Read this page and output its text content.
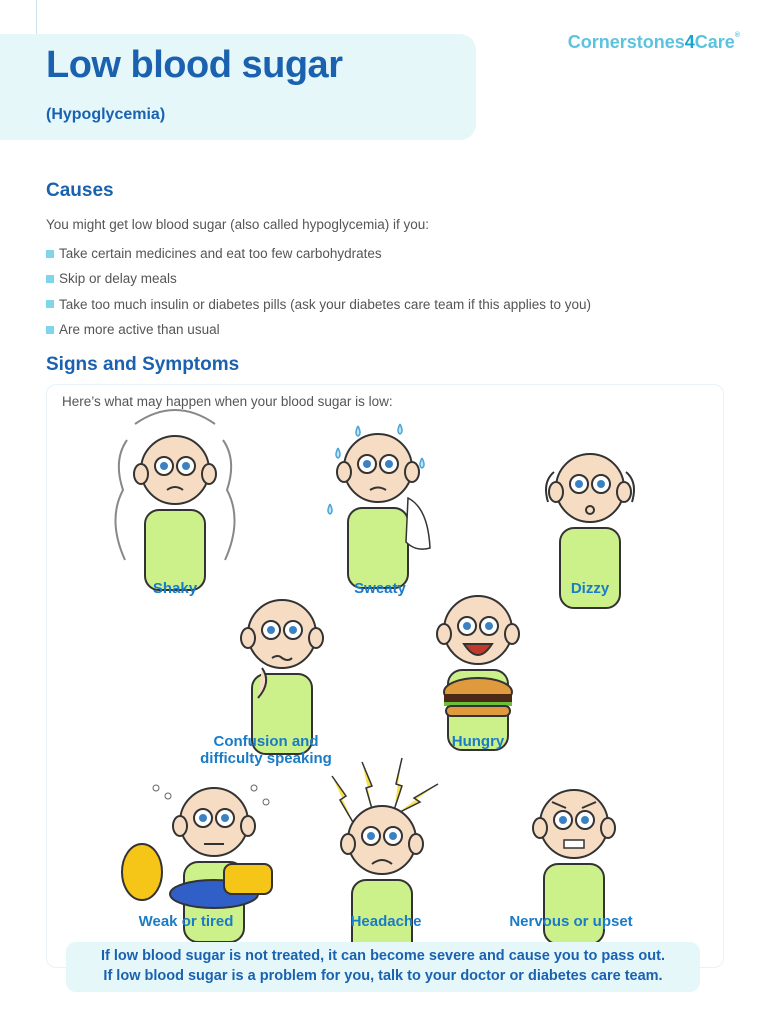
Low blood sugar
(Hypoglycemia)
Cornerstones4Care®
Causes
You might get low blood sugar (also called hypoglycemia) if you:
Take certain medicines and eat too few carbohydrates
Skip or delay meals
Take too much insulin or diabetes pills (ask your diabetes care team if this applies to you)
Are more active than usual
Signs and Symptoms
Here’s what may happen when your blood sugar is low:
Shaky	Sweaty	Dizzy
Confusion and
difficulty speaking
Hungry
Weak or tired	Headache	Nervous or upset
If low blood sugar is not treated, it can become severe and cause you to pass out.
If low blood sugar is a problem for you, talk to your doctor or diabetes care team.
